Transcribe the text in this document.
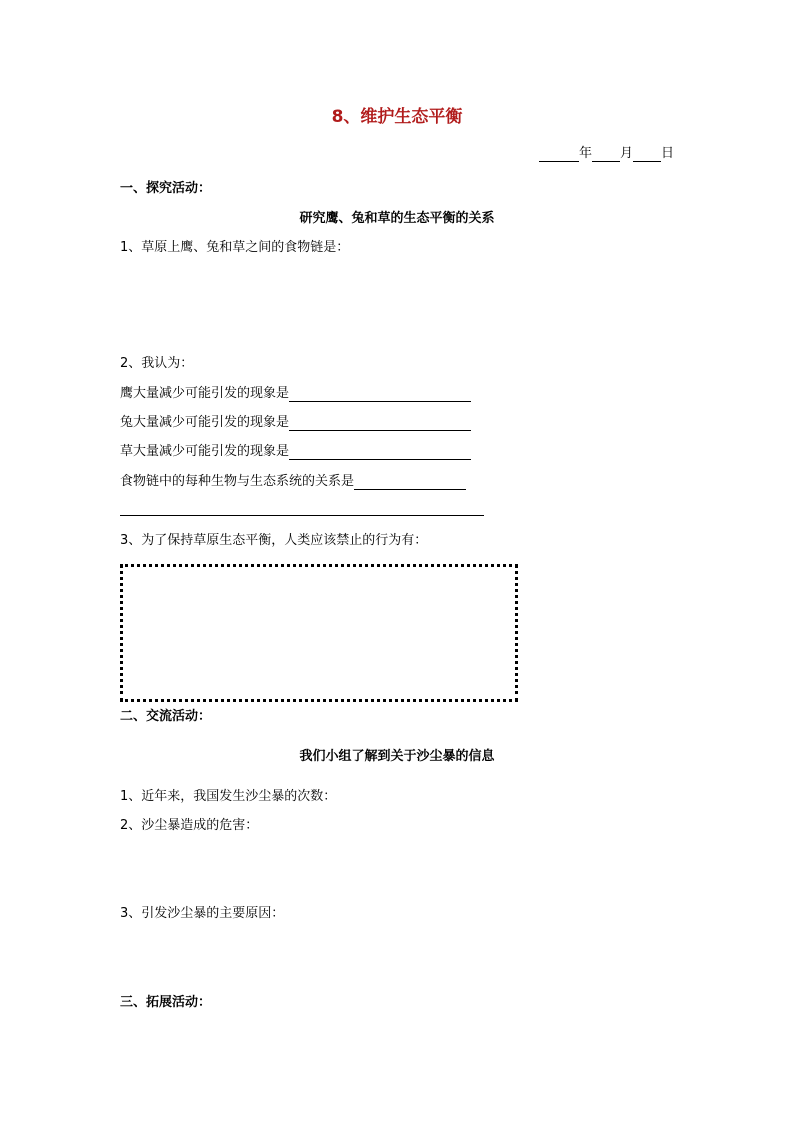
8、维护生态平衡
年 月 日
一、探究活动：
研究鹰、兔和草的生态平衡的关系
1、草原上鹰、兔和草之间的食物链是：
2、我认为：
鹰大量减少可能引发的现象是
兔大量减少可能引发的现象是
草大量减少可能引发的现象是
食物链中的每种生物与生态系统的关系是
3、为了保持草原生态平衡，人类应该禁止的行为有：
二、交流活动：
我们小组了解到关于沙尘暴的信息
1、近年来，我国发生沙尘暴的次数：
2、沙尘暴造成的危害：
3、引发沙尘暴的主要原因：
三、拓展活动：
